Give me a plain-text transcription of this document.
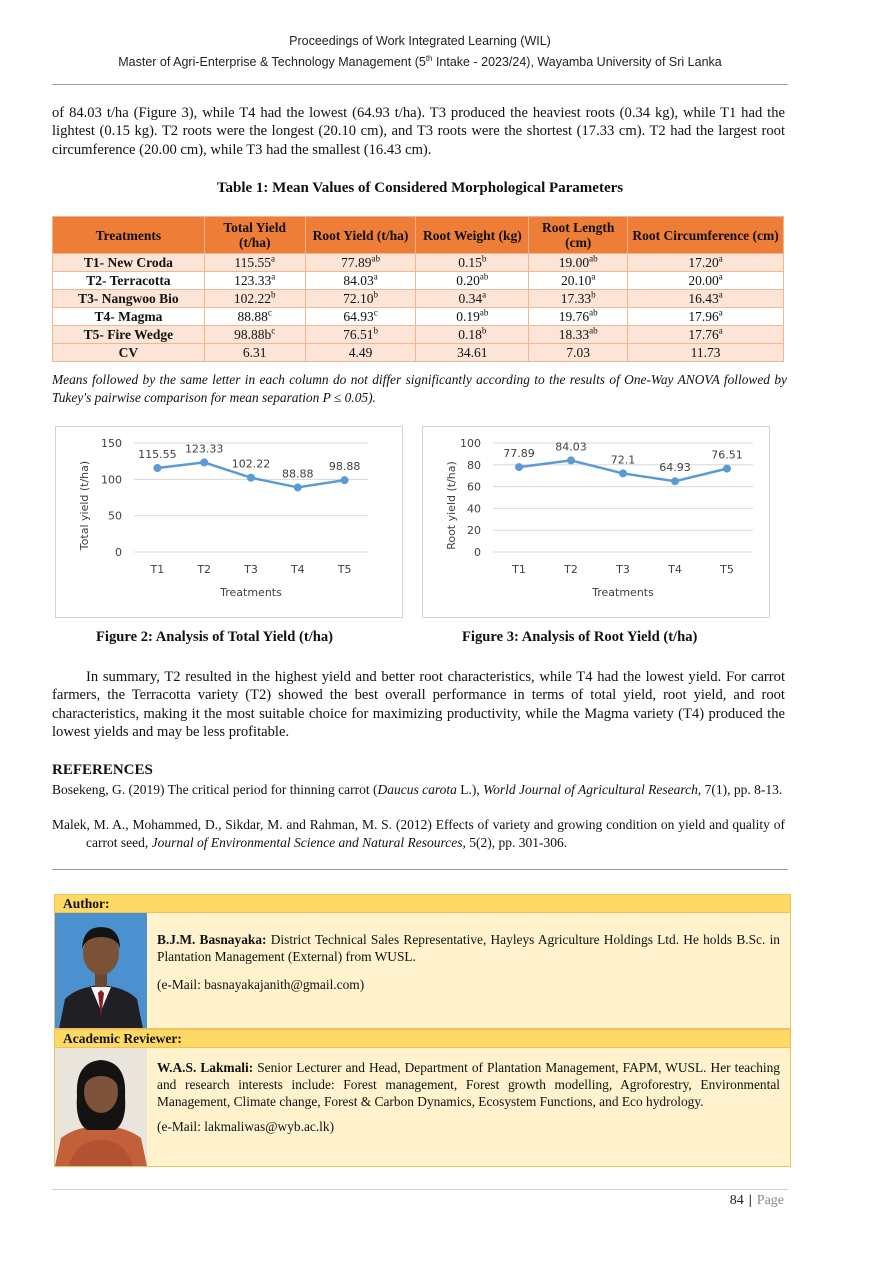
Proceedings of Work Integrated Learning (WIL)
Master of Agri-Enterprise & Technology Management (5th Intake - 2023/24), Wayamba University of Sri Lanka

of 84.03 t/ha (Figure 3), while T4 had the lowest (64.93 t/ha). T3 produced the heaviest roots (0.34 kg), while T1 had the lightest (0.15 kg). T2 roots were the longest (20.10 cm), and T3 roots were the shortest (17.33 cm). T2 had the largest root circumference (20.00 cm), while T3 had the smallest (16.43 cm).

Table 1: Mean Values of Considered Morphological Parameters
Treatments	Total Yield (t/ha)	Root Yield (t/ha)	Root Weight (kg)	Root Length (cm)	Root Circumference (cm)
T1- New Croda	115.55$^a$	77.89$^{ab}$	0.15$^b$	19.00$^{ab}$	17.20$^a$
T2- Terracotta	123.33$^a$	84.03$^a$	0.20$^{ab}$	20.10$^a$	20.00$^a$
T3- Nangwoo Bio	102.22$^b$	72.10$^b$	0.34$^a$	17.33$^b$	16.43$^a$
T4- Magma	88.88$^c$	64.93$^c$	0.19$^{ab}$	19.76$^{ab}$	17.96$^a$
T5- Fire Wedge	$98.88b^c$	76.51$^b$	0.18$^b$	18.33$^{ab}$	17.76$^a$
CV	6.31	4.49	34.61	7.03	11.73

Means followed by the same letter in each column do not differ significantly according to the results of One-Way ANOVA followed by Tukey's pairwise comparison for mean separation P ≤ 0.05).

0
50
100
150
T1	T2	T3	T4	T5
Treatments
Total yield (t/ha)
115.55 123.33
102.22
88.88
98.88
0
20
40
60
80
100
T1	T2	T3	T4	T5
Treatments
Root yield (t/ha)
77.89
84.03
72.1
64.93
76.51
Figure 2: Analysis of Total Yield (t/ha)	Figure 3: Analysis of Root Yield (t/ha)

In summary, T2 resulted in the highest yield and better root characteristics, while T4 had the lowest yield. For carrot farmers, the Terracotta variety (T2) showed the best overall performance in terms of total yield, root yield, and root characteristics, making it the most suitable choice for maximizing productivity, while the Magma variety (T4) produced the lowest yields and may be less profitable.

REFERENCES

Bosekeng, G. (2019) The critical period for thinning carrot (Daucus carota L.), World Journal of Agricultural Research, 7(1), pp. 8-13.

Malek, M. A., Mohammed, D., Sikdar, M. and Rahman, M. S. (2012) Effects of variety and growing condition on yield and quality of carrot seed, Journal of Environmental Science and Natural Resources, 5(2), pp. 301-306.

Author:

B.J.M. Basnayaka: District Technical Sales Representative, Hayleys Agriculture Holdings Ltd. He holds B.Sc. in Plantation Management (External) from WUSL.
(e-Mail: basnayakajanith@gmail.com)

Academic Reviewer:

W.A.S. Lakmali: Senior Lecturer and Head, Department of Plantation Management, FAPM, WUSL. Her teaching and research interests include: Forest management, Forest growth modelling, Agroforestry, Environmental Management, Climate change, Forest & Carbon Dynamics, Ecosystem Functions, and Eco hydrology.
(e-Mail: lakmaliwas@wyb.ac.lk)

84 | Page
